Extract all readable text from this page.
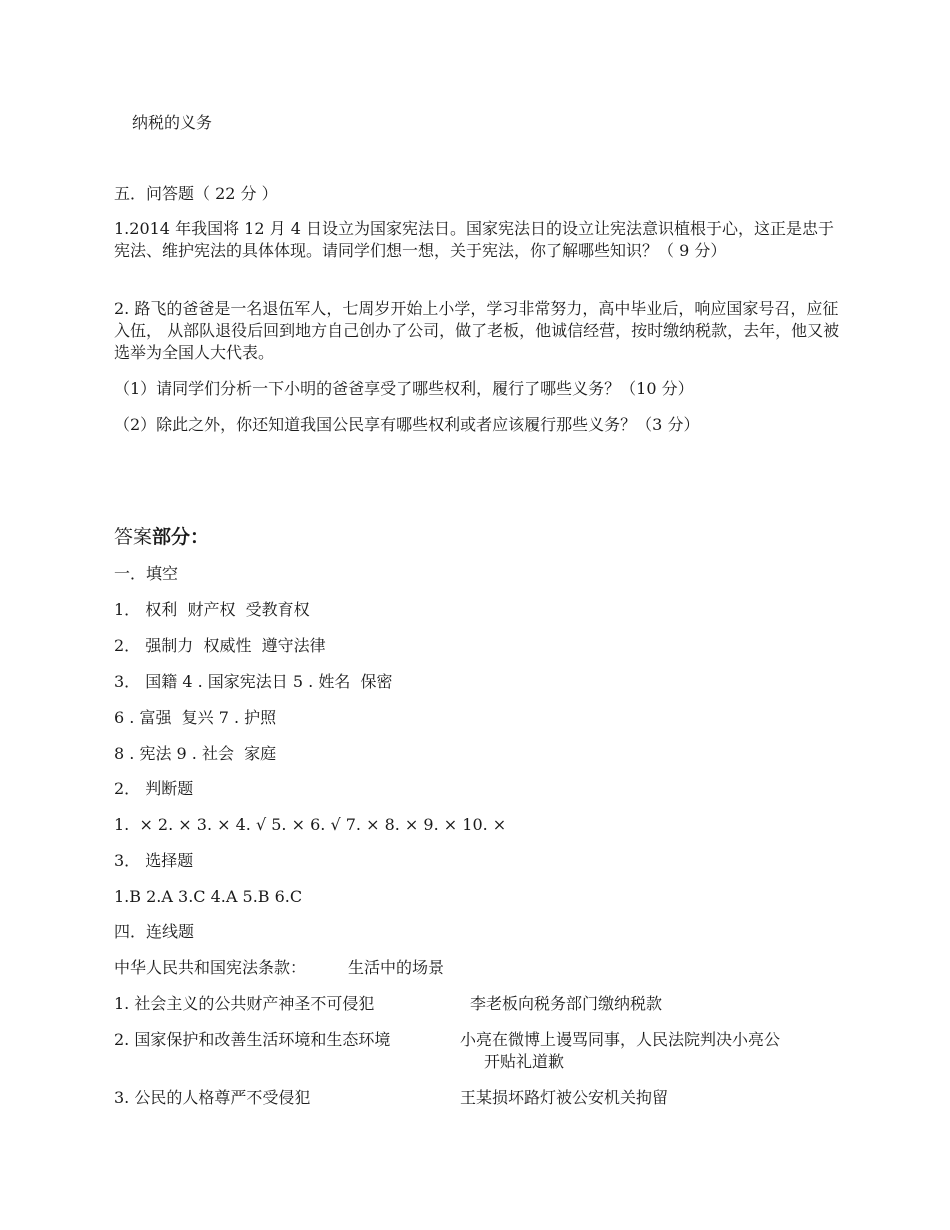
纳税的义务
五．问答题（ 22 分 ）
1.2014 年我国将 12 月 4 日设立为国家宪法日。国家宪法日的设立让宪法意识植根于心，这正是忠于宪法、维护宪法的具体体现。请同学们想一想，关于宪法，你了解哪些知识？（ 9 分）
2. 路飞的爸爸是一名退伍军人，七周岁开始上小学，学习非常努力，高中毕业后，响应国家号召，应征入伍， 从部队退役后回到地方自己创办了公司，做了老板，他诚信经营，按时缴纳税款，去年，他又被选举为全国人大代表。
（1）请同学们分析一下小明的爸爸享受了哪些权利，履行了哪些义务？（10 分）
（2）除此之外，你还知道我国公民享有哪些权利或者应该履行那些义务？（3 分）
答案部分：
一．填空
1． 权利  财产权  受教育权
2． 强制力  权威性  遵守法律
3． 国籍 4 . 国家宪法日 5 . 姓名  保密
6 . 富强  复兴 7 . 护照
8 . 宪法 9 . 社会  家庭
2． 判断题
1.  × 2. × 3. × 4. √ 5. × 6. √ 7. × 8. × 9. × 10. ×
3． 选择题
1.B 2.A 3.C 4.A 5.B 6.C
四．连线题
中华人民共和国宪法条款：	生活中的场景
1. 社会主义的公共财产神圣不可侵犯	李老板向税务部门缴纳税款
2. 国家保护和改善生活环境和生态环境	小亮在微博上谩骂同事，人民法院判决小亮公
开贴礼道歉
3. 公民的人格尊严不受侵犯	王某损坏路灯被公安机关拘留
